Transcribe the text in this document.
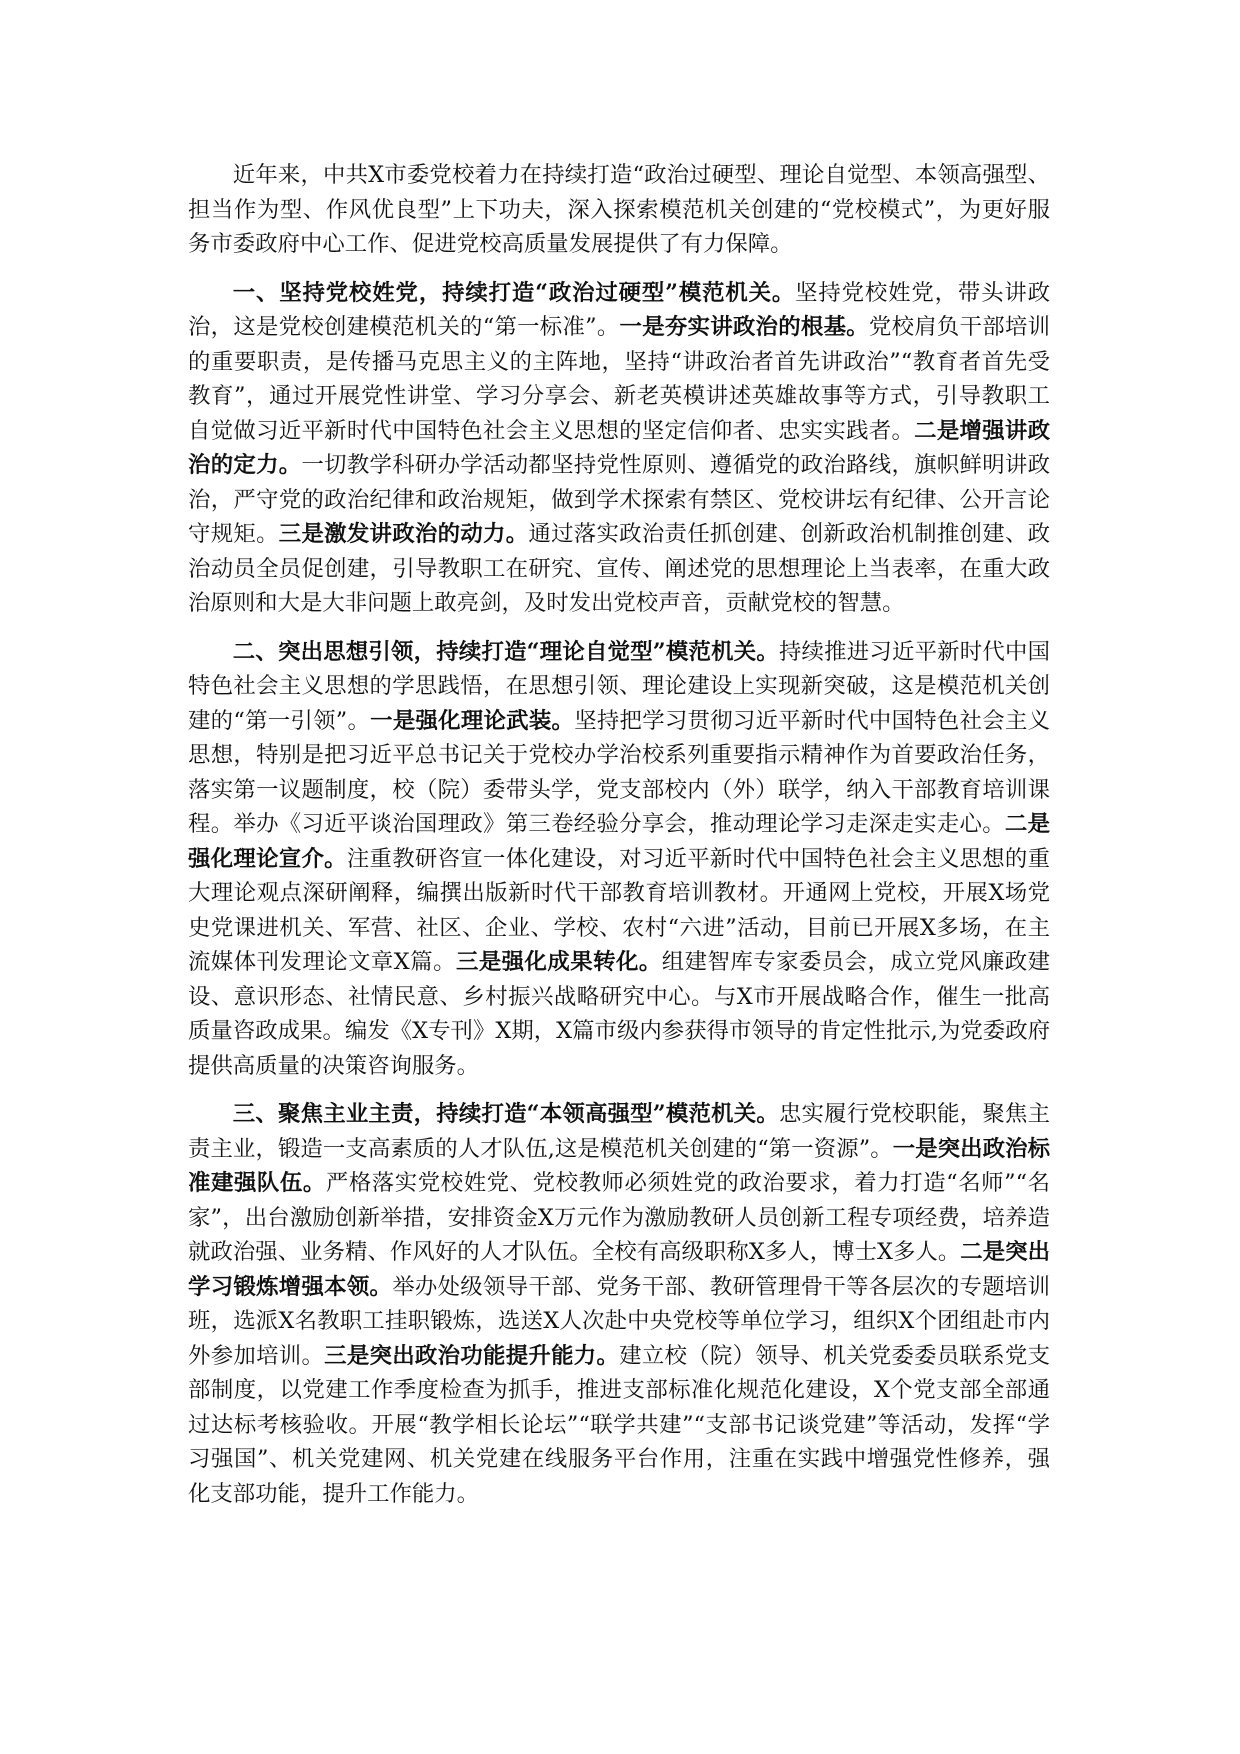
近年来，中共X市委党校着力在持续打造“政治过硬型、理论自觉型、本领高强型、担当作为型、作风优良型”上下功夫，深入探索模范机关创建的“党校模式”，为更好服务市委政府中心工作、促进党校高质量发展提供了有力保障。

一、坚持党校姓党，持续打造“政治过硬型”模范机关。坚持党校姓党，带头讲政治，这是党校创建模范机关的“第一标准”。一是夯实讲政治的根基。党校肩负干部培训的重要职责，是传播马克思主义的主阵地，坚持“讲政治者首先讲政治”“教育者首先受教育”，通过开展党性讲堂、学习分享会、新老英模讲述英雄故事等方式，引导教职工自觉做习近平新时代中国特色社会主义思想的坚定信仰者、忠实实践者。二是增强讲政治的定力。一切教学科研办学活动都坚持党性原则、遵循党的政治路线，旗帜鲜明讲政治，严守党的政治纪律和政治规矩，做到学术探索有禁区、党校讲坛有纪律、公开言论守规矩。三是激发讲政治的动力。通过落实政治责任抓创建、创新政治机制推创建、政治动员全员促创建，引导教职工在研究、宣传、阐述党的思想理论上当表率，在重大政治原则和大是大非问题上敢亮剑，及时发出党校声音，贡献党校的智慧。

二、突出思想引领，持续打造“理论自觉型”模范机关。持续推进习近平新时代中国特色社会主义思想的学思践悟，在思想引领、理论建设上实现新突破，这是模范机关创建的“第一引领”。一是强化理论武装。坚持把学习贯彻习近平新时代中国特色社会主义思想，特别是把习近平总书记关于党校办学治校系列重要指示精神作为首要政治任务，落实第一议题制度，校（院）委带头学，党支部校内（外）联学，纳入干部教育培训课程。举办《习近平谈治国理政》第三卷经验分享会，推动理论学习走深走实走心。二是强化理论宣介。注重教研咨宣一体化建设，对习近平新时代中国特色社会主义思想的重大理论观点深研阐释，编撰出版新时代干部教育培训教材。开通网上党校，开展X场党史党课进机关、军营、社区、企业、学校、农村“六进”活动，目前已开展X多场，在主流媒体刊发理论文章X篇。三是强化成果转化。组建智库专家委员会，成立党风廉政建设、意识形态、社情民意、乡村振兴战略研究中心。与X市开展战略合作，催生一批高质量咨政成果。编发《X专刊》X期，X篇市级内参获得市领导的肯定性批示,为党委政府提供高质量的决策咨询服务。

三、聚焦主业主责，持续打造“本领高强型”模范机关。忠实履行党校职能，聚焦主责主业，锻造一支高素质的人才队伍,这是模范机关创建的“第一资源”。一是突出政治标准建强队伍。严格落实党校姓党、党校教师必须姓党的政治要求，着力打造“名师”“名家”，出台激励创新举措，安排资金X万元作为激励教研人员创新工程专项经费，培养造就政治强、业务精、作风好的人才队伍。全校有高级职称X多人，博士X多人。二是突出学习锻炼增强本领。举办处级领导干部、党务干部、教研管理骨干等各层次的专题培训班，选派X名教职工挂职锻炼，选送X人次赴中央党校等单位学习，组织X个团组赴市内外参加培训。三是突出政治功能提升能力。建立校（院）领导、机关党委委员联系党支部制度，以党建工作季度检查为抓手，推进支部标准化规范化建设，X个党支部全部通过达标考核验收。开展“教学相长论坛”“联学共建”“支部书记谈党建”等活动，发挥“学习强国”、机关党建网、机关党建在线服务平台作用，注重在实践中增强党性修养，强化支部功能，提升工作能力。
